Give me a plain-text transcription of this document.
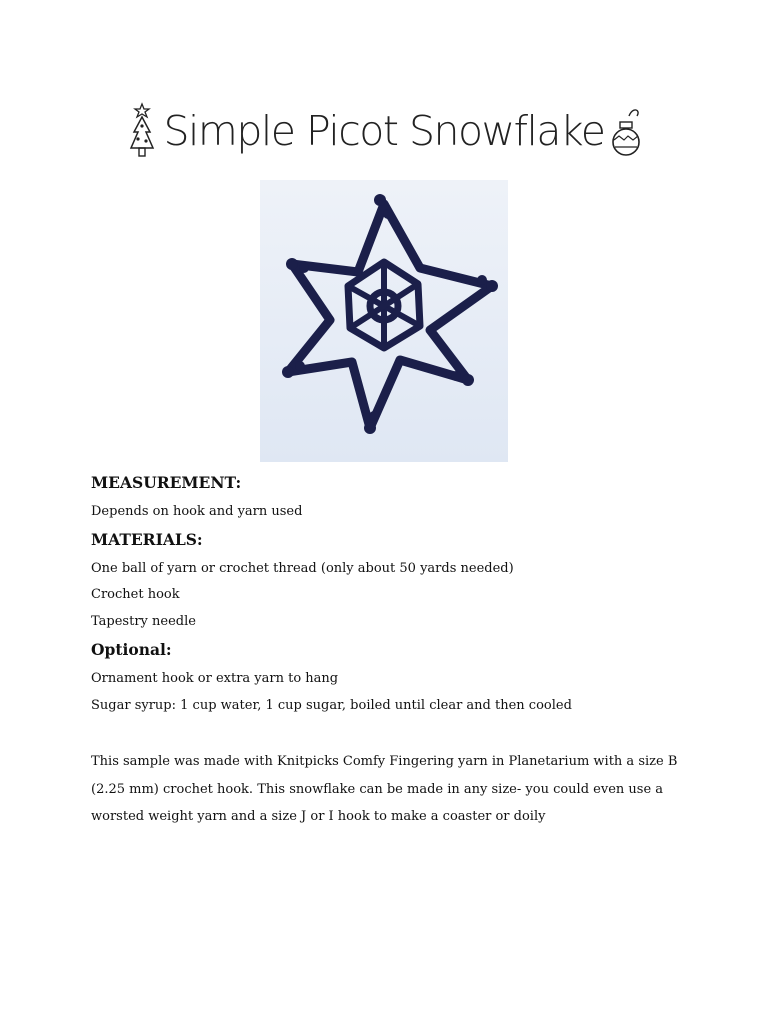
Simple Picot Snowflake
MEASUREMENT:
Depends on hook and yarn used
MATERIALS:
One ball of yarn or crochet thread (only about 50 yards needed)
Crochet hook
Tapestry needle
Optional:
Ornament hook or extra yarn to hang
Sugar syrup: 1 cup water, 1 cup sugar, boiled until clear and then cooled
This sample was made with Knitpicks Comfy Fingering yarn in Planetarium with a size B
(2.25 mm) crochet hook. This snowflake can be made in any size- you could even use a
worsted weight yarn and a size J or I hook to make a coaster or doily
